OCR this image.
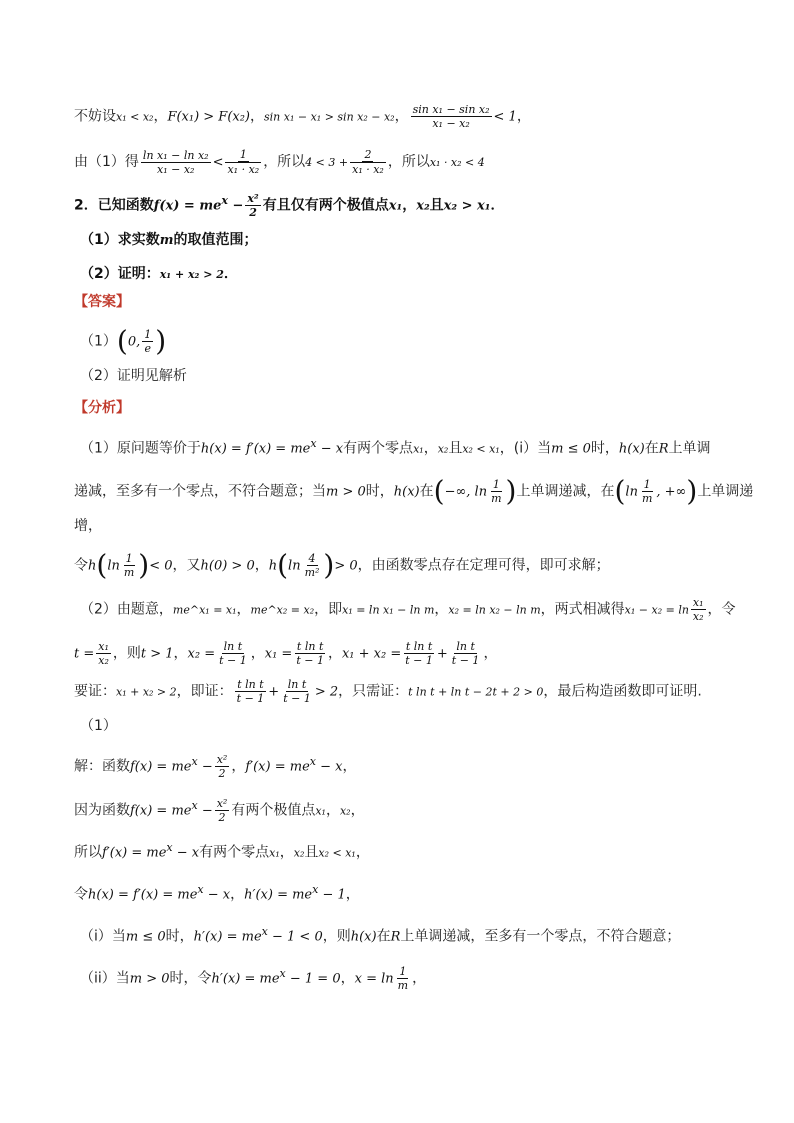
不妨设x₁ < x₂，F(x₁) > F(x₂)，sin x₁ − x₁ > sin x₂ − x₂， $\frac{\text{sin x₁ − sin x₂}}{\text{x₁ − x₂}} < 1$，
由（1）得 $\frac{\text{ln x₁ − ln x₂}}{\text{x₁ − x₂}} < \frac{1}{\text{x₁ · x₂}}$ ，所以$4 < 3 + \frac{2}{\text{x₁ · x₂}}$ ，所以x₁ · x₂ < 4
2．已知函数$f(x) = me^x - \frac{\text{x²}}{2}$ 有且仅有两个极值点x₁，x₂且x₂ > x₁．
（1）求实数m的取值范围；
（2）证明：x₁ + x₂ > 2．
【答案】
（1）(0, $\frac{1}{e}$ )
（2）证明见解析
【分析】
（1）原问题等价于$h(x) = f'(x) = me^x - x$有两个零点x₁，x₂且x₂ < x₁，(i）当m ≤ 0时，h(x)在R上单调
递减，至多有一个零点，不符合题意；当m > 0时，h(x)在(−∞, $\ln \frac{1}{m}$ )上单调递减，在($\ln \frac{1}{m}$ , +∞)上单调递
增，
令$h(\ln \frac{1}{m}$ )< 0，又h(0) > 0，$h(\ln \frac{4}{\text{m²}}$ )> 0，由函数零点存在定理可得，即可求解；
（2）由题意，me^x₁ = x₁，me^x₂ = x₂，即x₁ = ln x₁ − ln m，x₂ = ln x₂ − ln m，两式相减得$x_1 - x_2 = \ln \frac{\text{x₁}}{\text{x₂}}$ ，令
$t = \frac{\text{x₁}}{\text{x₂}}$ ，则t > 1，$x_2 = \frac{\text{ln t}}{t - 1}$ ，$x_1 = \frac{\text{t ln t}}{t - 1}$ ，$x_1 + x_2 = \frac{\text{t ln t}}{t - 1} + \frac{\text{ln t}}{t - 1}$ ，
要证：x₁ + x₂ > 2，即证： $\frac{\text{t ln t}}{t - 1} + \frac{\text{ln t}}{t - 1} > 2$，只需证：t ln t + ln t − 2t + 2 > 0，最后构造函数即可证明.
（1）
解：函数$f(x) = me^x - \frac{\text{x²}}{2}$ ，$f'(x) = me^x - x$，
因为函数$f(x) = me^x - \frac{\text{x²}}{2}$ 有两个极值点x₁，x₂，
所以$f'(x) = me^x - x$有两个零点x₁，x₂且x₂ < x₁，
令$h(x) = f'(x) = me^x - x$，$h'(x) = me^x - 1$，
（i）当m ≤ 0时，$h'(x) = me^x - 1 < 0$，则h(x)在R上单调递减，至多有一个零点，不符合题意；
（ii）当m > 0时，令$h'(x) = me^x - 1 = 0$，$x = \ln \frac{1}{m}$ ，
